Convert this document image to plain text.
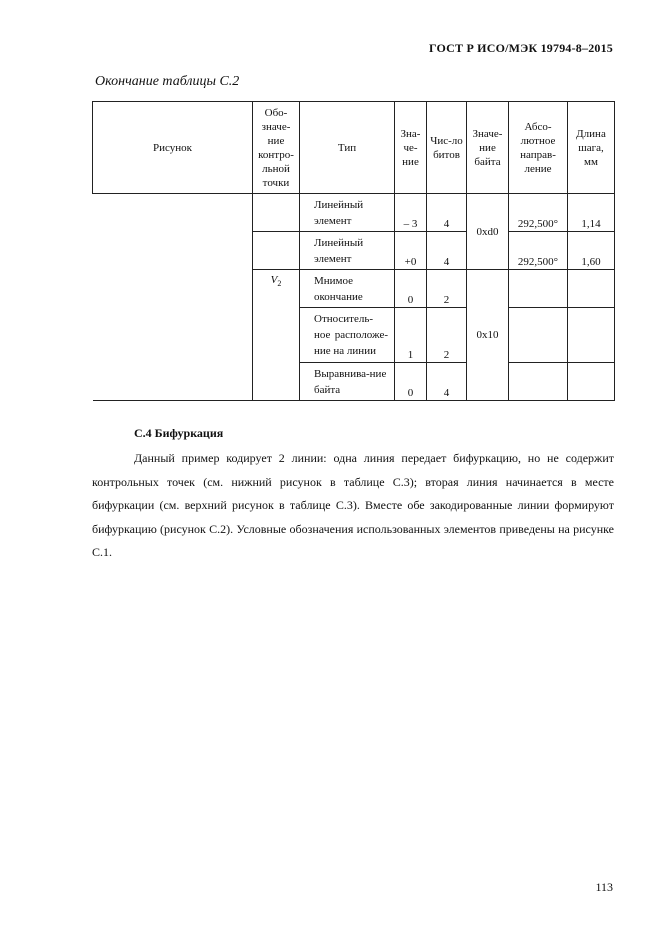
ГОСТ Р ИСО/МЭК 19794-8–2015
Окончание таблицы С.2
Рисунок	Обо-значе-ние контро-льной точки	Тип	Зна-че-ние	Чис-ло битов	Значе-ние байта	Абсо-лютное направ-ление	Длина шага, мм
		Линейный элемент	– 3	4	0xd0	292,500°	1,14
		Линейный элемент	+0	4		292,500°	1,60
	$V_2$	Мнимое окончание	0	2	0x10		
		Относитель-ное расположе-ние на линии	1	2			
		Выравнива-ние байта	0	4			
С.4 Бифуркация

Данный пример кодирует 2 линии: одна линия передает бифуркацию, но не содержит контрольных точек (см. нижний рисунок в таблице С.3); вторая линия начинается в месте бифуркации (см. верхний рисунок в таблице С.3). Вместе обе закодированные линии формируют бифуркацию (рисунок С.2). Условные обозначения использованных элементов приведены на рисунке С.1.

113
